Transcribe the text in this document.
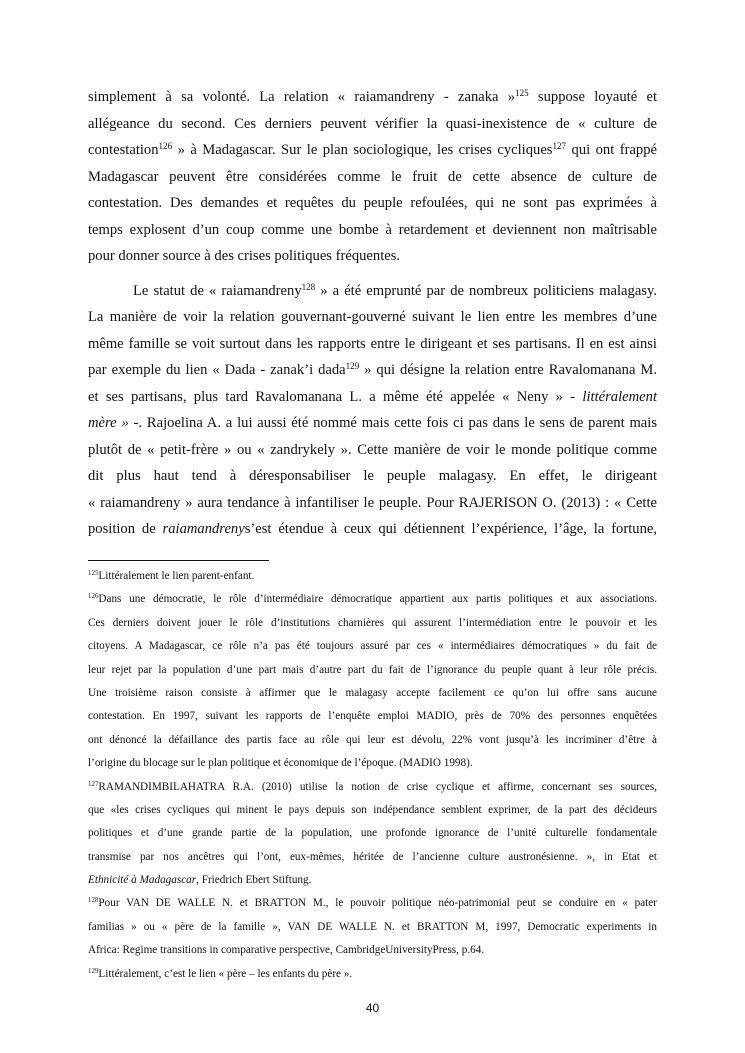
simplement à sa volonté. La relation « raiamandreny - zanaka »$^{125}$ suppose loyauté et
allégeance du second. Ces derniers peuvent vérifier la quasi-inexistence de « culture de
contestation$^{126}$ » à Madagascar. Sur le plan sociologique, les crises cycliques$^{127}$ qui ont frappé
Madagascar peuvent être considérées comme le fruit de cette absence de culture de
contestation. Des demandes et requêtes du peuple refoulées, qui ne sont pas exprimées à
temps explosent d’un coup comme une bombe à retardement et deviennent non maîtrisable
pour donner source à des crises politiques fréquentes.
Le statut de « raiamandreny$^{128}$ » a été emprunté par de nombreux politiciens malagasy.
La manière de voir la relation gouvernant-gouverné suivant le lien entre les membres d’une
même famille se voit surtout dans les rapports entre le dirigeant et ses partisans. Il en est ainsi
par exemple du lien « Dada - zanak’i dada$^{129}$ » qui désigne la relation entre Ravalomanana M.
et ses partisans, plus tard Ravalomanana L. a même été appelée « Neny » - littéralement
mère » -. Rajoelina A. a lui aussi été nommé mais cette fois ci pas dans le sens de parent mais
plutôt de « petit-frère » ou « zandrykely ». Cette manière de voir le monde politique comme
dit plus haut tend à déresponsabiliser le peuple malagasy. En effet, le dirigeant
« raiamandreny » aura tendance à infantiliser le peuple. Pour RAJERISON O. (2013) : « Cette
position de raiamandrenys’est étendue à ceux qui détiennent l’expérience, l’âge, la fortune,
$^{125}$Littéralement le lien parent-enfant.
$^{126}$Dans une démocratie, le rôle d’intermédiaire démocratique appartient aux partis politiques et aux associations.
Ces derniers doivent jouer le rôle d’institutions charnières qui assurent l’intermédiation entre le pouvoir et les
citoyens. A Madagascar, ce rôle n’a pas été toujours assuré par ces « intermédiaires démocratiques » du fait de
leur rejet par la population d’une part mais d’autre part du fait de l’ignorance du peuple quant à leur rôle précis.
Une troisième raison consiste à affirmer que le malagasy accepte facilement ce qu’on lui offre sans aucune
contestation. En 1997, suivant les rapports de l’enquête emploi MADIO, près de 70% des personnes enquêtées
ont dénoncé la défaillance des partis face au rôle qui leur est dévolu, 22% vont jusqu’à les incriminer d’être à
l’origine du blocage sur le plan politique et économique de l’époque. (MADIO 1998).
$^{127}$RAMANDIMBILAHATRA R.A. (2010) utilise la notion de crise cyclique et affirme, concernant ses sources,
que «les crises cycliques qui minent le pays depuis son indépendance semblent exprimer, de la part des décideurs
politiques et d’une grande partie de la population, une profonde ignorance de l’unité culturelle fondamentale
transmise par nos ancêtres qui l’ont, eux-mêmes, héritée de l’ancienne culture austronésienne. », in Etat et
Ethnicité à Madagascar, Friedrich Ebert Stiftung.
$^{128}$Pour VAN DE WALLE N. et BRATTON M., le pouvoir politique néo-patrimonial peut se conduire en « pater
familias » ou « père de la famille », VAN DE WALLE N. et BRATTON M, 1997, Democratic experiments in
Africa: Regime transitions in comparative perspective, CambridgeUniversityPress, p.64.
$^{129}$Littéralement, c’est le lien « père – les enfants du père ».
40
